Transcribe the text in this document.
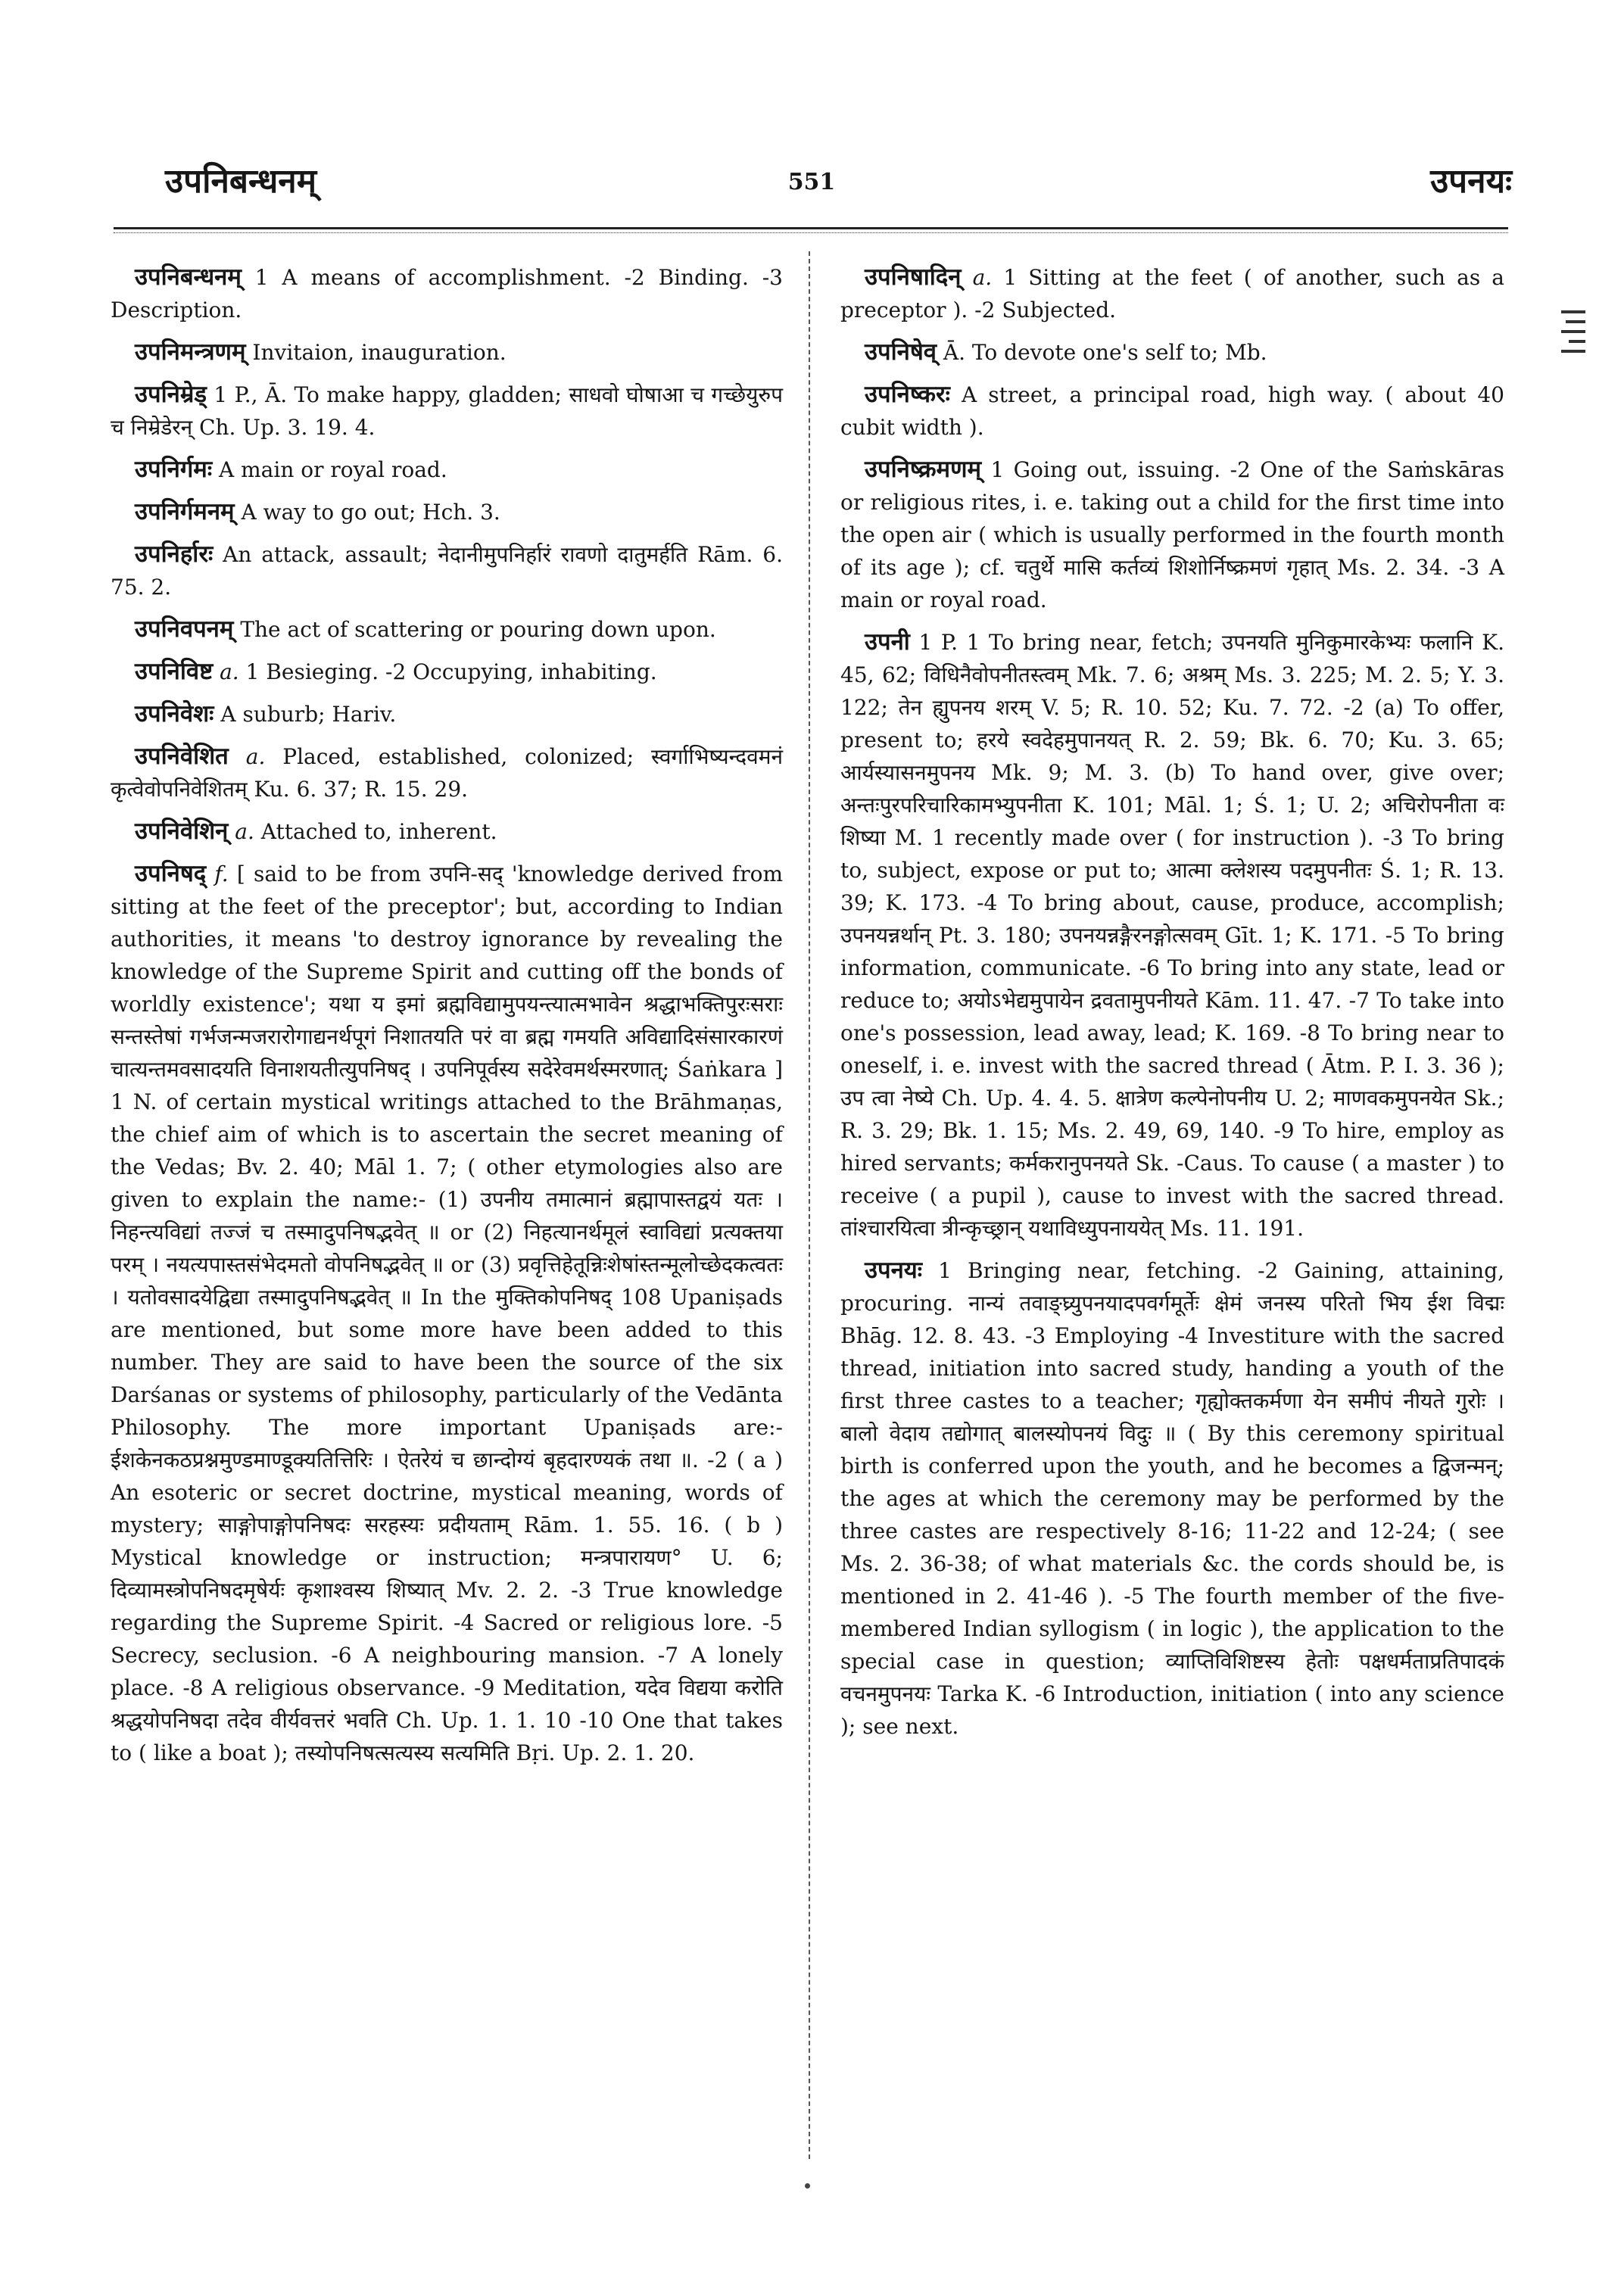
उपनिबन्धनम्	551	उपनयः

उपनिबन्धनम् 1 A means of accomplishment. -2 Binding. -3 Description.

उपनिमन्त्रणम् Invitaion, inauguration.

उपनिम्रेड् 1 P., Ā. To make happy, gladden; साधवो घोषाआ च गच्छेयुरुप च निम्रेडेरन् Ch. Up. 3. 19. 4.

उपनिर्गमः A main or royal road.

उपनिर्गमनम् A way to go out; Hch. 3.

उपनिर्हारः An attack, assault; नेदानीमुपनिर्हारं रावणो दातुमर्हति Rām. 6. 75. 2.

उपनिवपनम् The act of scattering or pouring down upon.

उपनिविष्ट a. 1 Besieging. -2 Occupying, inhabiting.

उपनिवेशः A suburb; Hariv.

उपनिवेशित a. Placed, established, colonized; स्वर्गाभिष्यन्दवमनं कृत्वेवोपनिवेशितम् Ku. 6. 37; R. 15. 29.

उपनिवेशिन् a. Attached to, inherent.

उपनिषद् f. [ said to be from उपनि-सद् 'knowledge derived from sitting at the feet of the preceptor'; but, according to Indian authorities, it means 'to destroy ignorance by revealing the knowledge of the Supreme Spirit and cutting off the bonds of worldly existence'; यथा य इमां ब्रह्मविद्यामुपयन्त्यात्मभावेन श्रद्धाभक्तिपुरःसराः सन्तस्तेषां गर्भजन्मजरारोगाद्यनर्थपूगं निशातयति परं वा ब्रह्म गमयति अविद्यादिसंसारकारणं चात्यन्तमवसादयति विनाशयतीत्युपनिषद् । उपनिपूर्वस्य सदेरेवमर्थस्मरणात्; Śaṅkara ] 1 N. of certain mystical writings attached to the Brāhmaṇas, the chief aim of which is to ascertain the secret meaning of the Vedas; Bv. 2. 40; Māl 1. 7; ( other etymologies also are given to explain the name:- (1) उपनीय तमात्मानं ब्रह्मापास्तद्वयं यतः । निहन्त्यविद्यां तज्जं च तस्मादुपनिषद्भवेत् ॥ or (2) निहत्यानर्थमूलं स्वाविद्यां प्रत्यक्तया परम् । नयत्यपास्तसंभेदमतो वोपनिषद्भवेत् ॥ or (3) प्रवृत्तिहेतून्निःशेषांस्तन्मूलोच्छेदकत्वतः । यतोवसादयेद्विद्या तस्मादुपनिषद्भवेत् ॥ In the मुक्तिकोपनिषद् 108 Upaniṣads are mentioned, but some more have been added to this number. They are said to have been the source of the six Darśanas or systems of philosophy, particularly of the Vedānta Philosophy. The more important Upaniṣads are:- ईशकेनकठप्रश्नमुण्डमाण्डूक्यतित्तिरिः । ऐतरेयं च छान्दोग्यं बृहदारण्यकं तथा ॥. -2 ( a ) An esoteric or secret doctrine, mystical meaning, words of mystery; साङ्गोपाङ्गोपनिषदः सरहस्यः प्रदीयताम् Rām. 1. 55. 16. ( b ) Mystical knowledge or instruction; मन्त्रपारायण° U. 6; दिव्यामस्त्रोपनिषदमृषेर्यः कृशाश्वस्य शिष्यात् Mv. 2. 2. -3 True knowledge regarding the Supreme Spirit. -4 Sacred or religious lore. -5 Secrecy, seclusion. -6 A neighbouring mansion. -7 A lonely place. -8 A religious observance. -9 Meditation, यदेव विद्यया करोति श्रद्धयोपनिषदा तदेव वीर्यवत्तरं भवति Ch. Up. 1. 1. 10 -10 One that takes to ( like a boat ); तस्योपनिषत्सत्यस्य सत्यमिति Bṛi. Up. 2. 1. 20.

उपनिषादिन् a. 1 Sitting at the feet ( of another, such as a preceptor ). -2 Subjected.

उपनिषेव् Ā. To devote one's self to; Mb.

उपनिष्करः A street, a principal road, high way. ( about 40 cubit width ).

उपनिष्क्रमणम् 1 Going out, issuing. -2 One of the Saṁskāras or religious rites, i. e. taking out a child for the first time into the open air ( which is usually performed in the fourth month of its age ); cf. चतुर्थे मासि कर्तव्यं शिशोर्निष्क्रमणं गृहात् Ms. 2. 34. -3 A main or royal road.

उपनी 1 P. 1 To bring near, fetch; उपनयति मुनिकुमारकेभ्यः फलानि K. 45, 62; विधिनैवोपनीतस्त्वम् Mk. 7. 6; अश्रम् Ms. 3. 225; M. 2. 5; Y. 3. 122; तेन ह्युपनय शरम् V. 5; R. 10. 52; Ku. 7. 72. -2 (a) To offer, present to; हरये स्वदेहमुपानयत् R. 2. 59; Bk. 6. 70; Ku. 3. 65; आर्यस्यासनमुपनय Mk. 9; M. 3. (b) To hand over, give over; अन्तःपुरपरिचारिकामभ्युपनीता K. 101; Māl. 1; Ś. 1; U. 2; अचिरोपनीता वः शिष्या M. 1 recently made over ( for instruction ). -3 To bring to, subject, expose or put to; आत्मा क्लेशस्य पदमुपनीतः Ś. 1; R. 13. 39; K. 173. -4 To bring about, cause, produce, accomplish; उपनयन्नर्थान् Pt. 3. 180; उपनयन्नङ्गैरनङ्गोत्सवम् Gīt. 1; K. 171. -5 To bring information, communicate. -6 To bring into any state, lead or reduce to; अयोऽभेद्यमुपायेन द्रवतामुपनीयते Kām. 11. 47. -7 To take into one's possession, lead away, lead; K. 169. -8 To bring near to oneself, i. e. invest with the sacred thread ( Ātm. P. I. 3. 36 ); उप त्वा नेष्ये Ch. Up. 4. 4. 5. क्षात्रेण कल्पेनोपनीय U. 2; माणवकमुपनयेत Sk.; R. 3. 29; Bk. 1. 15; Ms. 2. 49, 69, 140. -9 To hire, employ as hired servants; कर्मकरानुपनयते Sk. -Caus. To cause ( a master ) to receive ( a pupil ), cause to invest with the sacred thread. तांश्चारयित्वा त्रीन्कृच्छ्रान् यथाविध्युपनाययेत् Ms. 11. 191.

उपनयः 1 Bringing near, fetching. -2 Gaining, attaining, procuring. नान्यं तवाङ्घ्र्युपनयादपवर्गमूर्तेः क्षेमं जनस्य परितो भिय ईश विद्मः Bhāg. 12. 8. 43. -3 Employing -4 Investiture with the sacred thread, initiation into sacred study, handing a youth of the first three castes to a teacher; गृह्योक्तकर्मणा येन समीपं नीयते गुरोः । बालो वेदाय तद्योगात् बालस्योपनयं विदुः ॥ ( By this ceremony spiritual birth is conferred upon the youth, and he becomes a द्विजन्मन्; the ages at which the ceremony may be performed by the three castes are respectively 8-16; 11-22 and 12-24; ( see Ms. 2. 36-38; of what materials &c. the cords should be, is mentioned in 2. 41-46 ). -5 The fourth member of the five-membered Indian syllogism ( in logic ), the application to the special case in question; व्याप्तिविशिष्टस्य हेतोः पक्षधर्मताप्रतिपादकं वचनमुपनयः Tarka K. -6 Introduction, initiation ( into any science ); see next.
